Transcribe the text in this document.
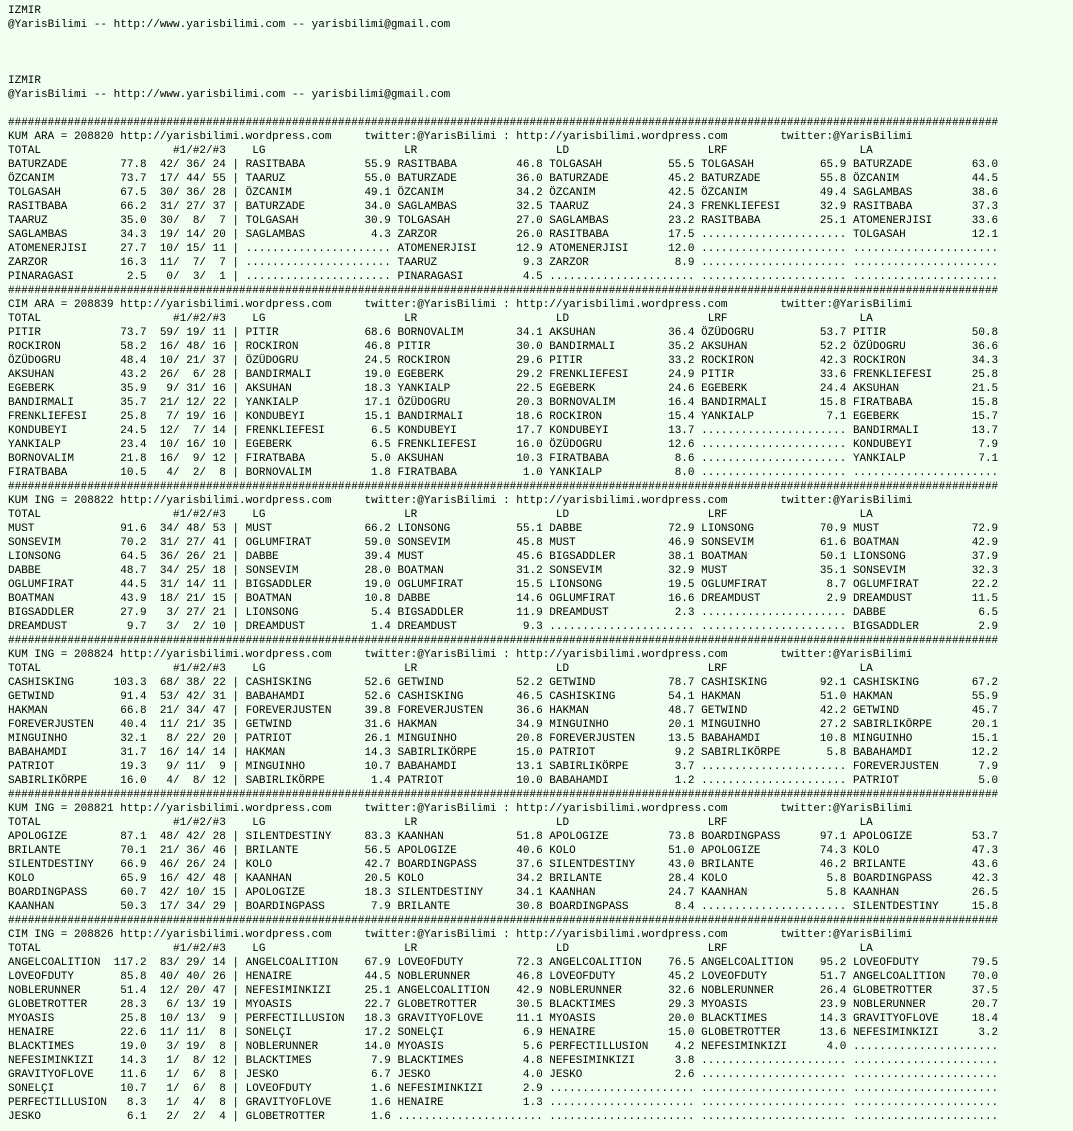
IZMIR
@YarisBilimi -- http://www.yarisbilimi.com -- yarisbilimi@gmail.com

IZMIR
@YarisBilimi -- http://www.yarisbilimi.com -- yarisbilimi@gmail.com

######################################################################################################################################################
KUM ARA = 208820 http://yarisbilimi.wordpress.com     twitter:@YarisBilimi : http://yarisbilimi.wordpress.com        twitter:@YarisBilimi
TOTAL                    #1/#2/#3    LG                     LR                     LD                     LRF                    LA
BATURZADE        77.8  42/ 36/ 24 | RASITBABA         55.9 RASITBABA         46.8 TOLGASAH          55.5 TOLGASAH          65.9 BATURZADE         63.0
ÖZCANIM          73.7  17/ 44/ 55 | TAARUZ            55.0 BATURZADE         36.0 BATURZADE         45.2 BATURZADE         55.8 ÖZCANIM           44.5
TOLGASAH         67.5  30/ 36/ 28 | ÖZCANIM           49.1 ÖZCANIM           34.2 ÖZCANIM           42.5 ÖZCANIM           49.4 SAGLAMBAS         38.6
RASITBABA        66.2  31/ 27/ 37 | BATURZADE         34.0 SAGLAMBAS         32.5 TAARUZ            24.3 FRENKLIEFESI      32.9 RASITBABA         37.3
TAARUZ           35.0  30/  8/  7 | TOLGASAH          30.9 TOLGASAH          27.0 SAGLAMBAS         23.2 RASITBABA         25.1 ATOMENERJISI      33.6
SAGLAMBAS        34.3  19/ 14/ 20 | SAGLAMBAS          4.3 ZARZOR            26.0 RASITBABA         17.5 ...................... TOLGASAH          12.1
ATOMENERJISI     27.7  10/ 15/ 11 | ...................... ATOMENERJISI      12.9 ATOMENERJISI      12.0 ...................... ......................
ZARZOR           16.3  11/  7/  7 | ...................... TAARUZ             9.3 ZARZOR             8.9 ...................... ......................
PINARAGASI        2.5   0/  3/  1 | ...................... PINARAGASI         4.5 ...................... ...................... ......................
######################################################################################################################################################
CIM ARA = 208839 http://yarisbilimi.wordpress.com     twitter:@YarisBilimi : http://yarisbilimi.wordpress.com        twitter:@YarisBilimi
TOTAL                    #1/#2/#3    LG                     LR                     LD                     LRF                    LA
PITIR            73.7  59/ 19/ 11 | PITIR             68.6 BORNOVALIM        34.1 AKSUHAN           36.4 ÖZÜDOGRU          53.7 PITIR             50.8
ROCKIRON         58.2  16/ 48/ 16 | ROCKIRON          46.8 PITIR             30.0 BANDIRMALI        35.2 AKSUHAN           52.2 ÖZÜDOGRU          36.6
ÖZÜDOGRU         48.4  10/ 21/ 37 | ÖZÜDOGRU          24.5 ROCKIRON          29.6 PITIR             33.2 ROCKIRON          42.3 ROCKIRON          34.3
AKSUHAN          43.2  26/  6/ 28 | BANDIRMALI        19.0 EGEBERK           29.2 FRENKLIEFESI      24.9 PITIR             33.6 FRENKLIEFESI      25.8
EGEBERK          35.9   9/ 31/ 16 | AKSUHAN           18.3 YANKIALP          22.5 EGEBERK           24.6 EGEBERK           24.4 AKSUHAN           21.5
BANDIRMALI       35.7  21/ 12/ 22 | YANKIALP          17.1 ÖZÜDOGRU          20.3 BORNOVALIM        16.4 BANDIRMALI        15.8 FIRATBABA         15.8
FRENKLIEFESI     25.8   7/ 19/ 16 | KONDUBEYI         15.1 BANDIRMALI        18.6 ROCKIRON          15.4 YANKIALP           7.1 EGEBERK           15.7
KONDUBEYI        24.5  12/  7/ 14 | FRENKLIEFESI       6.5 KONDUBEYI         17.7 KONDUBEYI         13.7 ...................... BANDIRMALI        13.7
YANKIALP         23.4  10/ 16/ 10 | EGEBERK            6.5 FRENKLIEFESI      16.0 ÖZÜDOGRU          12.6 ...................... KONDUBEYI          7.9
BORNOVALIM       21.8  16/  9/ 12 | FIRATBABA          5.0 AKSUHAN           10.3 FIRATBABA          8.6 ...................... YANKIALP           7.1
FIRATBABA        10.5   4/  2/  8 | BORNOVALIM         1.8 FIRATBABA          1.0 YANKIALP           8.0 ...................... ......................
######################################################################################################################################################
KUM ING = 208822 http://yarisbilimi.wordpress.com     twitter:@YarisBilimi : http://yarisbilimi.wordpress.com        twitter:@YarisBilimi
TOTAL                    #1/#2/#3    LG                     LR                     LD                     LRF                    LA
MUST             91.6  34/ 48/ 53 | MUST              66.2 LIONSONG          55.1 DABBE             72.9 LIONSONG          70.9 MUST              72.9
SONSEVIM         70.2  31/ 27/ 41 | OGLUMFIRAT        59.0 SONSEVIM          45.8 MUST              46.9 SONSEVIM          61.6 BOATMAN           42.9
LIONSONG         64.5  36/ 26/ 21 | DABBE             39.4 MUST              45.6 BIGSADDLER        38.1 BOATMAN           50.1 LIONSONG          37.9
DABBE            48.7  34/ 25/ 18 | SONSEVIM          28.0 BOATMAN           31.2 SONSEVIM          32.9 MUST              35.1 SONSEVIM          32.3
OGLUMFIRAT       44.5  31/ 14/ 11 | BIGSADDLER        19.0 OGLUMFIRAT        15.5 LIONSONG          19.5 OGLUMFIRAT         8.7 OGLUMFIRAT        22.2
BOATMAN          43.9  18/ 21/ 15 | BOATMAN           10.8 DABBE             14.6 OGLUMFIRAT        16.6 DREAMDUST          2.9 DREAMDUST         11.5
BIGSADDLER       27.9   3/ 27/ 21 | LIONSONG           5.4 BIGSADDLER        11.9 DREAMDUST          2.3 ...................... DABBE              6.5
DREAMDUST         9.7   3/  2/ 10 | DREAMDUST          1.4 DREAMDUST          9.3 ...................... ...................... BIGSADDLER         2.9
######################################################################################################################################################
KUM ING = 208824 http://yarisbilimi.wordpress.com     twitter:@YarisBilimi : http://yarisbilimi.wordpress.com        twitter:@YarisBilimi
TOTAL                    #1/#2/#3    LG                     LR                     LD                     LRF                    LA
CASHISKING      103.3  68/ 38/ 22 | CASHISKING        52.6 GETWIND           52.2 GETWIND           78.7 CASHISKING        92.1 CASHISKING        67.2
GETWIND          91.4  53/ 42/ 31 | BABAHAMDI         52.6 CASHISKING        46.5 CASHISKING        54.1 HAKMAN            51.0 HAKMAN            55.9
HAKMAN           66.8  21/ 34/ 47 | FOREVERJUSTEN     39.8 FOREVERJUSTEN     36.6 HAKMAN            48.7 GETWIND           42.2 GETWIND           45.7
FOREVERJUSTEN    40.4  11/ 21/ 35 | GETWIND           31.6 HAKMAN            34.9 MINGUINHO         20.1 MINGUINHO         27.2 SABIRLIKÖRPE      20.1
MINGUINHO        32.1   8/ 22/ 20 | PATRIOT           26.1 MINGUINHO         20.8 FOREVERJUSTEN     13.5 BABAHAMDI         10.8 MINGUINHO         15.1
BABAHAMDI        31.7  16/ 14/ 14 | HAKMAN            14.3 SABIRLIKÖRPE      15.0 PATRIOT            9.2 SABIRLIKÖRPE       5.8 BABAHAMDI         12.2
PATRIOT          19.3   9/ 11/  9 | MINGUINHO         10.7 BABAHAMDI         13.1 SABIRLIKÖRPE       3.7 ...................... FOREVERJUSTEN      7.9
SABIRLIKÖRPE     16.0   4/  8/ 12 | SABIRLIKÖRPE       1.4 PATRIOT           10.0 BABAHAMDI          1.2 ...................... PATRIOT            5.0
######################################################################################################################################################
KUM ING = 208821 http://yarisbilimi.wordpress.com     twitter:@YarisBilimi : http://yarisbilimi.wordpress.com        twitter:@YarisBilimi
TOTAL                    #1/#2/#3    LG                     LR                     LD                     LRF                    LA
APOLOGIZE        87.1  48/ 42/ 28 | SILENTDESTINY     83.3 KAANHAN           51.8 APOLOGIZE         73.8 BOARDINGPASS      97.1 APOLOGIZE         53.7
BRILANTE         70.1  21/ 36/ 46 | BRILANTE          56.5 APOLOGIZE         40.6 KOLO              51.0 APOLOGIZE         74.3 KOLO              47.3
SILENTDESTINY    66.9  46/ 26/ 24 | KOLO              42.7 BOARDINGPASS      37.6 SILENTDESTINY     43.0 BRILANTE          46.2 BRILANTE          43.6
KOLO             65.9  16/ 42/ 48 | KAANHAN           20.5 KOLO              34.2 BRILANTE          28.4 KOLO               5.8 BOARDINGPASS      42.3
BOARDINGPASS     60.7  42/ 10/ 15 | APOLOGIZE         18.3 SILENTDESTINY     34.1 KAANHAN           24.7 KAANHAN            5.8 KAANHAN           26.5
KAANHAN          50.3  17/ 34/ 29 | BOARDINGPASS       7.9 BRILANTE          30.8 BOARDINGPASS       8.4 ...................... SILENTDESTINY     15.8
######################################################################################################################################################
CIM ING = 208826 http://yarisbilimi.wordpress.com     twitter:@YarisBilimi : http://yarisbilimi.wordpress.com        twitter:@YarisBilimi
TOTAL                    #1/#2/#3    LG                     LR                     LD                     LRF                    LA
ANGELCOALITION  117.2  83/ 29/ 14 | ANGELCOALITION    67.9 LOVEOFDUTY        72.3 ANGELCOALITION    76.5 ANGELCOALITION    95.2 LOVEOFDUTY        79.5
LOVEOFDUTY       85.8  40/ 40/ 26 | HENAIRE           44.5 NOBLERUNNER       46.8 LOVEOFDUTY        45.2 LOVEOFDUTY        51.7 ANGELCOALITION    70.0
NOBLERUNNER      51.4  12/ 20/ 47 | NEFESIMINKIZI     25.1 ANGELCOALITION    42.9 NOBLERUNNER       32.6 NOBLERUNNER       26.4 GLOBETROTTER      37.5
GLOBETROTTER     28.3   6/ 13/ 19 | MYOASIS           22.7 GLOBETROTTER      30.5 BLACKTIMES        29.3 MYOASIS           23.9 NOBLERUNNER       20.7
MYOASIS          25.8  10/ 13/  9 | PERFECTILLUSION   18.3 GRAVITYOFLOVE     11.1 MYOASIS           20.0 BLACKTIMES        14.3 GRAVITYOFLOVE     18.4
HENAIRE          22.6  11/ 11/  8 | SONELÇI           17.2 SONELÇI            6.9 HENAIRE           15.0 GLOBETROTTER      13.6 NEFESIMINKIZI      3.2
BLACKTIMES       19.0   3/ 19/  8 | NOBLERUNNER       14.0 MYOASIS            5.6 PERFECTILLUSION    4.2 NEFESIMINKIZI      4.0 ......................
NEFESIMINKIZI    14.3   1/  8/ 12 | BLACKTIMES         7.9 BLACKTIMES         4.8 NEFESIMINKIZI      3.8 ...................... ......................
GRAVITYOFLOVE    11.6   1/  6/  8 | JESKO              6.7 JESKO              4.0 JESKO              2.6 ...................... ......................
SONELÇI          10.7   1/  6/  8 | LOVEOFDUTY         1.6 NEFESIMINKIZI      2.9 ...................... ...................... ......................
PERFECTILLUSION   8.3   1/  4/  8 | GRAVITYOFLOVE      1.6 HENAIRE            1.3 ...................... ...................... ......................
JESKO             6.1   2/  2/  4 | GLOBETROTTER       1.6 ...................... ...................... ...................... ......................
